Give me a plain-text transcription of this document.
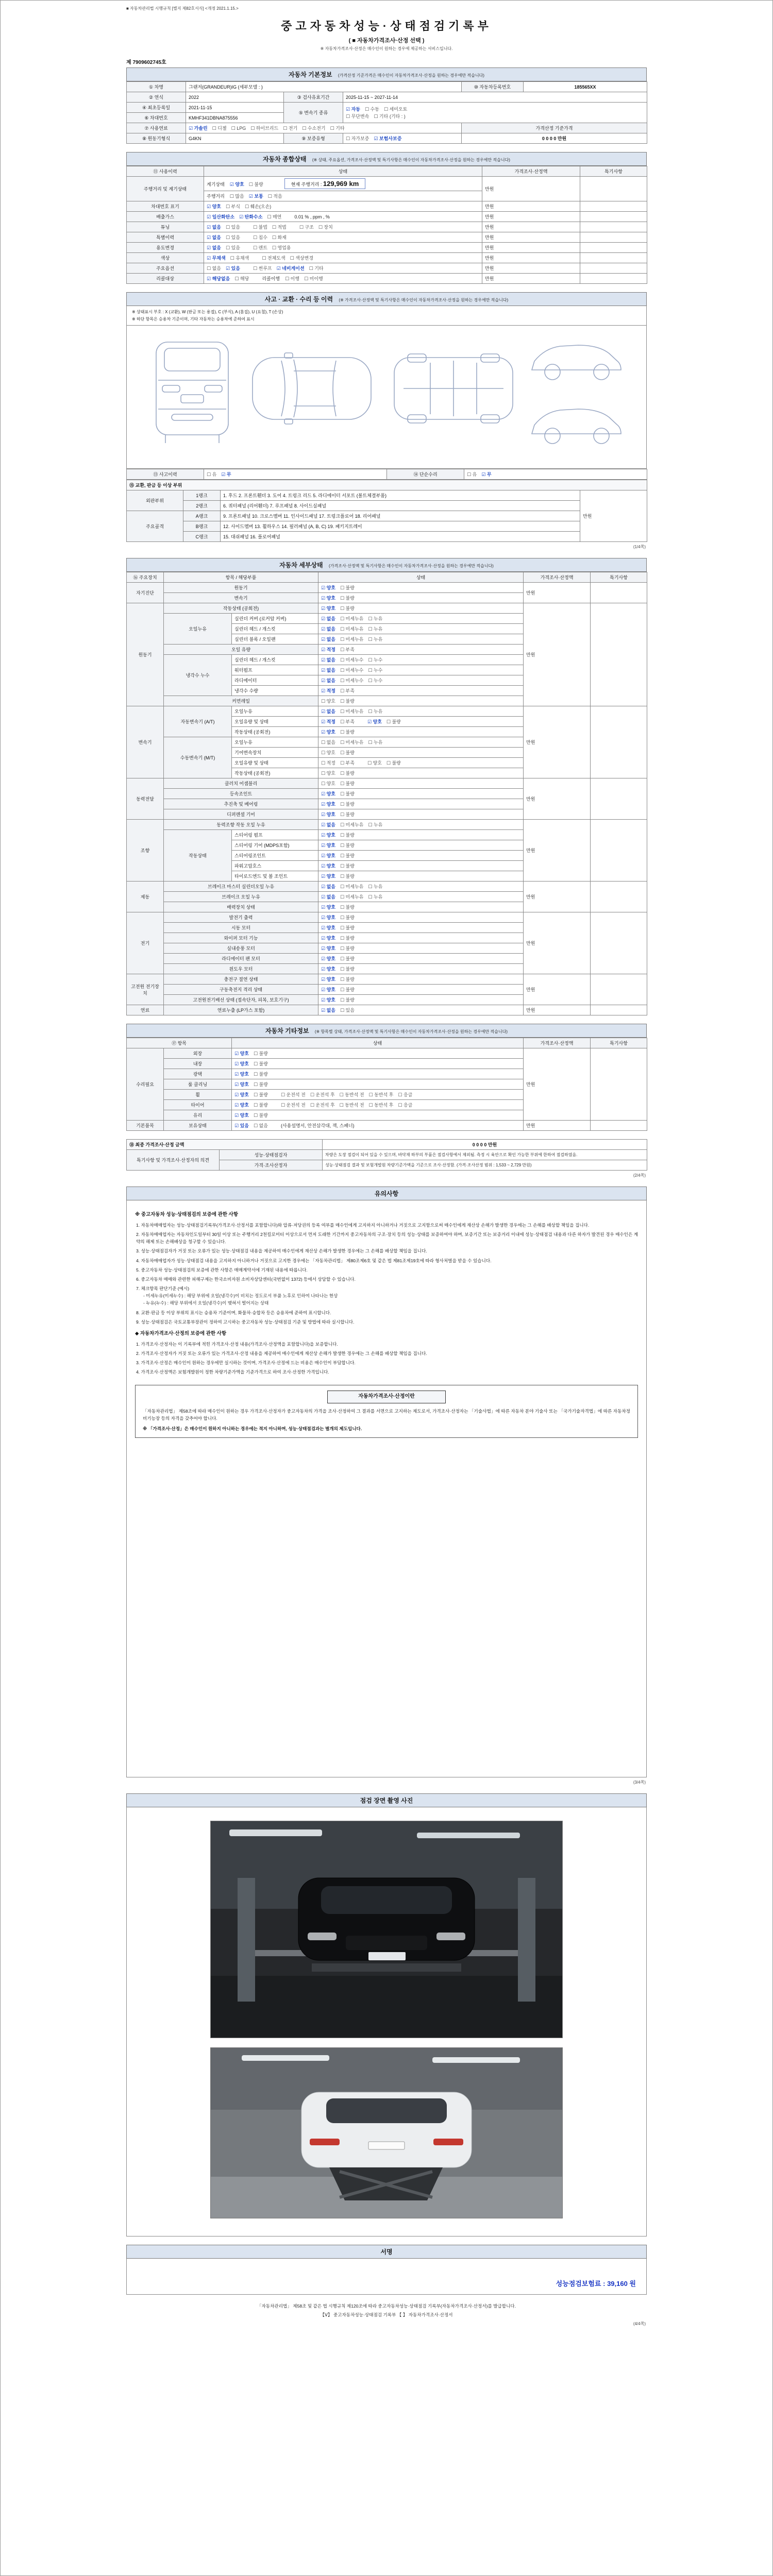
■ 자동차관리법 시행규칙 [별지 제82호서식] <개정 2021.1.15.>
중고자동차성능·상태점검기록부
( ■ 자동차가격조사·산정 선택 )
※ 자동차가격조사·산정은 매수인이 원하는 경우에 제공하는 서비스입니다.
제 7909602745호
자동차 기본정보 (가격산정 기준가격은 매수인이 자동차가격조사·산정을 원하는 경우에만 적습니다)
① 차명	그랜저(GRANDEUR)IG (세부모델 : )			⑩ 자동차등록번호	185565XX
② 연식	2022	③ 검사유효기간	2025-11-15 ~ 2027-11-14		
④ 최초등록일	2021-11-15	⑤ 변속기 종류	☑ 자동 ☐ 수동 ☐ 세미오토
☐ 무단변속 ☐ 기타 (기타 : )		

⑥ 차대번호	KMHF341DBNA875556				
⑦ 사용연료	☑ 가솔린 ☐ 디젤 ☐ LPG ☐ 하이브리드 ☐ 전기 ☐ 수소전기 ☐ 기타			가격산정 기준가격	
⑧ 원동기형식	G4KN	⑨ 보증유형	☐ 자가보증 ☑ 보험사보증	0 0 0 0 만원	
자동차 종합상태 (※ 상태, 주요옵션, 가격조사·산정액 및 특기사항은 매수인이 자동차가격조사·산정을 원하는 경우에만 적습니다)
⑪ 사용이력	상태	가격조사·산정액	특기사항
주행거리 및 계기상태	계기상태 ☑ 양호 ☐ 불량 현재 주행거리 : 129,969 km	만원	
	주행거리 ☐ 많음 ☑ 보통 ☐ 적음		
차대번호 표기	☑ 양호 ☐ 부식 ☐ 훼손(오손)	만원	
배출가스	☑ 일산화탄소 ☑ 탄화수소 ☐ 매연 0.01 % , ppm , %	만원	
튜닝	☑ 없음 ☐ 있음 ☐ 불법 ☐ 적법 ☐ 구조 ☐ 장치	만원	
특별이력	☑ 없음 ☐ 있음 ☐ 침수 ☐ 화재	만원	
용도변경	☑ 없음 ☐ 있음 ☐ 렌트 ☐ 영업용	만원	
색상	☑ 무채색 ☐ 유채색 ☐ 전체도색 ☐ 색상변경	만원	
주요옵션	☐ 없음 ☑ 있음 ☐ 썬루프 ☑ 네비게이션 ☐ 기타	만원	
리콜대상	☑ 해당없음 ☐ 해당 리콜이행 ☐ 이행 ☐ 미이행	만원	
사고 · 교환 · 수리 등 이력 (※ 가격조사·산정액 및 특기사항은 매수인이 자동차가격조사·산정을 원하는 경우에만 적습니다)
※ 상태표시 부호 : X (교환), W (판금 또는 용접), C (부식), A (흠집), U (요철), T (손상)
※ 하단 항목은 승용차 기준이며, 기타 자동차는 승용차에 준하여 표시
⑬ 사고이력	☐ 유 ☑ 무	⑭ 단순수리	☐ 유 ☑ 무
⑮ 교환, 판금 등 이상 부위			
외판부위	1랭크	1. 후드 2. 프론트휀더 3. 도어 4. 트렁크 리드 5. 라디에이터 서포트 (볼트체결부품)	만원
	2랭크	6. 쿼터패널 (리어휀더) 7. 루프패널 8. 사이드실패널	
주요골격	A랭크	9. 프론트패널 10. 크로스멤버 11. 인사이드패널 17. 트렁크플로어 18. 리어패널	
	B랭크	12. 사이드멤버 13. 휠하우스 14. 필러패널 (A, B, C) 19. 패키지트레이	
	C랭크	15. 대쉬패널 16. 플로어패널	
(1/4쪽)
자동차 세부상태 (가격조사·산정액 및 특기사항은 매수인이 자동차가격조사·산정을 원하는 경우에만 적습니다)
⑯ 주요장치	항목 / 해당부품		상태	가격조사·산정액	특기사항
자기진단	원동기		☑ 양호 ☐ 불량	만원	
	변속기		☑ 양호 ☐ 불량		
원동기	작동상태 (공회전)		☑ 양호 ☐ 불량	만원	
	오일누유	실린더 커버 (로커암 커버)	☑ 없음 ☐ 미세누유 ☐ 누유		
		실린더 헤드 / 개스킷	☑ 없음 ☐ 미세누유 ☐ 누유		
		실린더 블록 / 오일팬	☑ 없음 ☐ 미세누유 ☐ 누유		
	오일 유량		☑ 적정 ☐ 부족		
	냉각수 누수	실린더 헤드 / 개스킷	☑ 없음 ☐ 미세누수 ☐ 누수		
		워터펌프	☑ 없음 ☐ 미세누수 ☐ 누수		
		라디에이터	☑ 없음 ☐ 미세누수 ☐ 누수		
		냉각수 수량	☑ 적정 ☐ 부족		
	커먼레일		☐ 양호 ☐ 불량		
변속기	자동변속기 (A/T)	오일누유	☑ 없음 ☐ 미세누유 ☐ 누유	만원	
		오일유량 및 상태	☑ 적정 ☐ 부족 ☑ 양호 ☐ 불량		
		작동상태 (공회전)	☑ 양호 ☐ 불량		
	수동변속기 (M/T)	오일누유	☐ 없음 ☐ 미세누유 ☐ 누유		
		기어변속장치	☐ 양호 ☐ 불량		
		오일유량 및 상태	☐ 적정 ☐ 부족 ☐ 양호 ☐ 불량		
		작동상태 (공회전)	☐ 양호 ☐ 불량		
동력전달	클러치 어셈블리		☐ 양호 ☐ 불량	만원	
	등속조인트		☑ 양호 ☐ 불량		
	추진축 및 베어링		☑ 양호 ☐ 불량		
	디퍼렌셜 기어		☑ 양호 ☐ 불량		
조향	동력조향 작동 오일 누유		☑ 없음 ☐ 미세누유 ☐ 누유	만원	
	작동상태	스티어링 펌프	☑ 양호 ☐ 불량		
		스티어링 기어 (MDPS포함)	☑ 양호 ☐ 불량		
		스티어링조인트	☑ 양호 ☐ 불량		
		파워고압호스	☑ 양호 ☐ 불량		
		타이로드엔드 및 볼 조인트	☑ 양호 ☐ 불량		
제동	브레이크 마스터 실린더오일 누유		☑ 없음 ☐ 미세누유 ☐ 누유	만원	
	브레이크 오일 누유		☑ 없음 ☐ 미세누유 ☐ 누유		
	배력장치 상태		☑ 양호 ☐ 불량		
전기	발전기 출력		☑ 양호 ☐ 불량	만원	
	시동 모터		☑ 양호 ☐ 불량		
	와이퍼 모터 기능		☑ 양호 ☐ 불량		
	실내송풍 모터		☑ 양호 ☐ 불량		
	라디에이터 팬 모터		☑ 양호 ☐ 불량		
	윈도우 모터		☑ 양호 ☐ 불량		
고전원 전기장치	충전구 절연 상태		☑ 양호 ☐ 불량	만원	
	구동축전지 격리 상태		☑ 양호 ☐ 불량		
	고전원전기배선 상태 (접속단자, 피복, 보호기구)		☑ 양호 ☐ 불량		
연료	연료누출 (LP가스 포함)		☑ 없음 ☐ 있음	만원	
자동차 기타정보 (※ 항목별 상태, 가격조사·산정액 및 특기사항은 매수인이 자동차가격조사·산정을 원하는 경우에만 적습니다)
⑰ 항목		상태	가격조사·산정액	특기사항
수리필요	외장	☑ 양호 ☐ 불량	만원	
	내장	☑ 양호 ☐ 불량		
	광택	☑ 양호 ☐ 불량		
	룸 클리닝	☑ 양호 ☐ 불량		
	휠	☑ 양호 ☐ 불량 ☐ 운전석 전 ☐ 운전석 후 ☐ 동반석 전 ☐ 동반석 후 ☐ 응급		
	타이어	☑ 양호 ☐ 불량 ☐ 운전석 전 ☐ 운전석 후 ☐ 동반석 전 ☐ 동반석 후 ☐ 응급		
	유리	☑ 양호 ☐ 불량		
기본품목	보유상태	☑ 있음 ☐ 없음 (사용설명서, 안전삼각대, 잭, 스패너)	만원	
⑱ 최종 가격조사·산정 금액		0 0 0 0 만원
특기사항 및 가격조사·산정자의 의견	성능·상태점검자	차량은 도장 점검이 되어 있을 수 있으며, 바닥재 하부의 부품은 점검사항에서 제외됨. 측정 시 육안으로 확인 가능한 부위에 한하여 점검하였음.
	가격·조사산정자	성능·상태점검 결과 및 보험개발원 차량기준가액을 기준으로 조사·산정함. (가격·조사산정 범위 : 1,533 ~ 2,729 만원)
(2/4쪽)
유의사항
※ 중고자동차 성능·상태점검의 보증에 관한 사항
1. 자동차매매업자는 성능·상태점검기록부(가격조사·산정서를 포함합니다)와 압류·저당권의 등록 여부를 매수인에게 고지하지 아니하거나 거짓으로 고지함으로써 매수인에게 재산상 손해가 발생한 경우에는 그 손해를 배상할 책임을 집니다.
2. 자동차매매업자는 자동차인도일부터 30일 이상 또는 주행거리 2천킬로미터 이상으로서 먼저 도래한 기간까지 중고자동차의 구조·장치 등의 성능·상태를 보증하여야 하며, 보증기간 또는 보증거리 이내에 성능·상태점검 내용과 다른 하자가 발견된 경우 매수인은 계약의 해제 또는 손해배상을 청구할 수 있습니다.
3. 성능·상태점검자가 거짓 또는 오류가 있는 성능·상태점검 내용을 제공하여 매수인에게 재산상 손해가 발생한 경우에는 그 손해를 배상할 책임을 집니다.
4. 자동차매매업자가 성능·상태점검 내용을 고지하지 아니하거나 거짓으로 고지한 경우에는 「자동차관리법」 제80조제6호 및 같은 법 제81조제19호에 따라 형사처벌을 받을 수 있습니다.
5. 중고자동차 성능·상태점검의 보증에 관한 사항은 매매계약서에 기재된 내용에 따릅니다.
6. 중고자동차 매매와 관련한 피해구제는 한국소비자원 소비자상담센터(국번없이 1372) 등에서 상담할 수 있습니다.
7. 체크항목 판단기준 (예시)
- 미세누유(미세누수) : 해당 부위에 오일(냉각수)이 비치는 정도로서 부품 노후로 인하여 나타나는 현상
- 누유(누수) : 해당 부위에서 오일(냉각수)이 맺혀서 떨어지는 상태
8. 교환·판금 등 이상 부위의 표시는 승용차 기준이며, 화물차·승합차 등은 승용차에 준하여 표시합니다.
9. 성능·상태점검은 국토교통부장관이 정하여 고시하는 중고자동차 성능·상태점검 기준 및 방법에 따라 실시합니다.
◆ 자동차가격조사·산정의 보증에 관한 사항
1. 가격조사·산정자는 이 기록부에 적힌 가격조사·산정 내용(가격조사·산정액을 포함합니다)을 보증합니다.
2. 가격조사·산정자가 거짓 또는 오류가 있는 가격조사·산정 내용을 제공하여 매수인에게 재산상 손해가 발생한 경우에는 그 손해를 배상할 책임을 집니다.
3. 가격조사·산정은 매수인이 원하는 경우에만 실시하는 것이며, 가격조사·산정에 드는 비용은 매수인이 부담합니다.
4. 가격조사·산정액은 보험개발원이 정한 차량기준가액을 기준가격으로 하여 조사·산정한 가격입니다.
자동차가격조사·산정이란

「자동차관리법」 제58조에 따라 매수인이 원하는 경우 가격조사·산정자가 중고자동차의 가격을 조사·산정하여 그 결과를 서면으로 고지하는 제도로서, 가격조사·산정자는 「기술사법」에 따른 자동차 분야 기술사 또는 「국가기술자격법」에 따른 자동차정비기능장 등의 자격을 갖추어야 합니다.

※ 「가격조사·산정」은 매수인이 원하지 아니하는 경우에는 적지 아니하며, 성능·상태점검과는 별개의 제도입니다.

(3/4쪽)
점검 장면 촬영 사진
서명
성능점검보험료 : 39,160 원
「자동차관리법」 제58조 및 같은 법 시행규칙 제120조에 따라 중고자동차성능·상태점검 기록부(자동차가격조사·산정서)를 발급합니다.
【Ⅴ】 중고자동차성능·상태점검 기록부 【 】 자동차가격조사·산정서
(4/4쪽)
